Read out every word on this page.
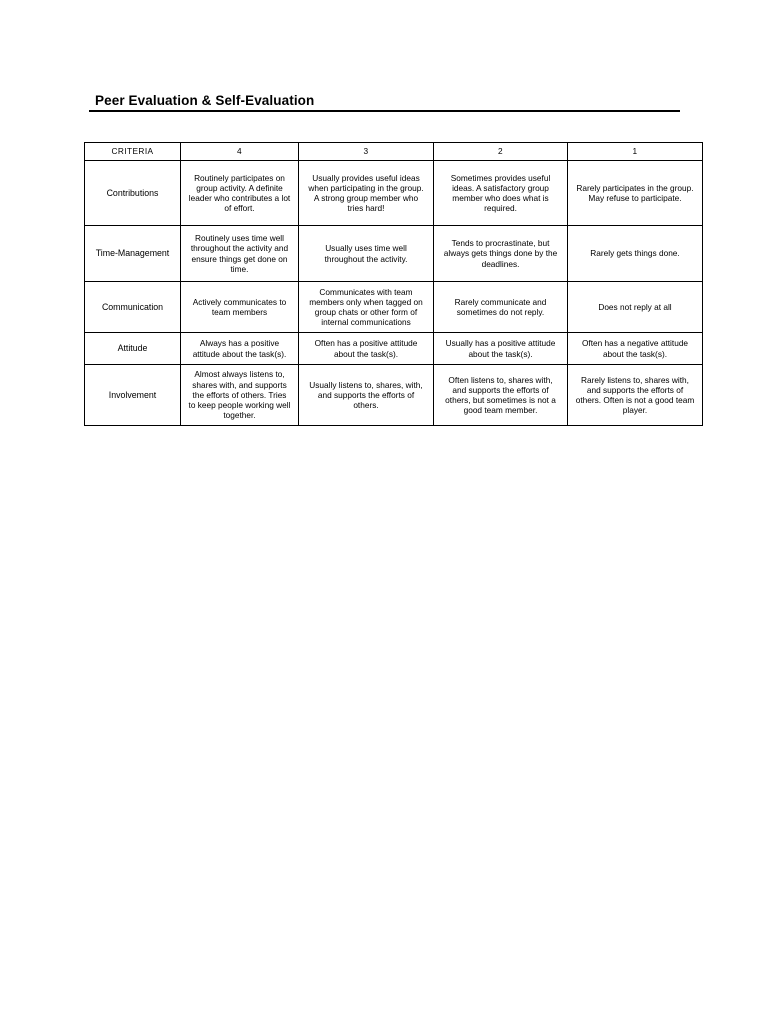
Peer Evaluation & Self-Evaluation
CRITERIA	4	3	2	1
Contributions	Routinely participates on group activity. A definite leader who contributes a lot of effort.	Usually provides useful ideas when participating in the group. A strong group member who tries hard!	Sometimes provides useful ideas. A satisfactory group member who does what is required.	Rarely participates in the group. May refuse to participate.
Time-Management	Routinely uses time well throughout the activity and ensure things get done on time.	Usually uses time well throughout the activity.	Tends to procrastinate, but always gets things done by the deadlines.	Rarely gets things done.
Communication	Actively communicates to team members	Communicates with team members only when tagged on group chats or other form of internal communications	Rarely communicate and sometimes do not reply.	Does not reply at all
Attitude	Always has a positive attitude about the task(s).	Often has a positive attitude about the task(s).	Usually has a positive attitude about the task(s).	Often has a negative attitude about the task(s).
Involvement	Almost always listens to, shares with, and supports the efforts of others. Tries to keep people working well together.	Usually listens to, shares, with, and supports the efforts of others.	Often listens to, shares with, and supports the efforts of others, but sometimes is not a good team member.	Rarely listens to, shares with, and supports the efforts of others. Often is not a good team player.
